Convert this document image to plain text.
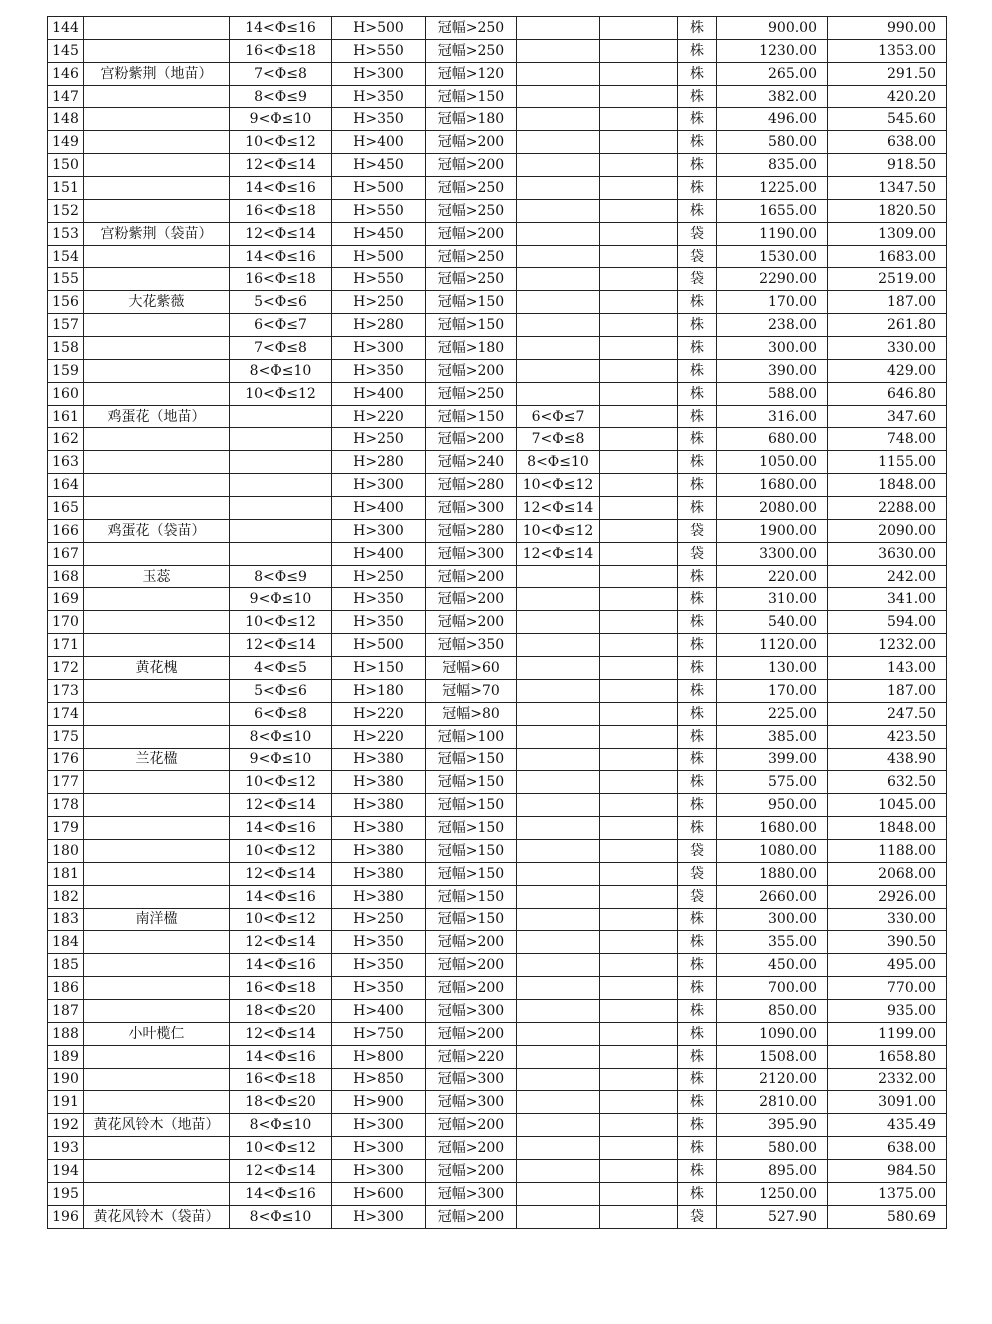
144		14<Φ≤16	H>500	冠幅>250			株	900.00	990.00
145		16<Φ≤18	H>550	冠幅>250			株	1230.00	1353.00
146	宫粉紫荆（地苗）	7<Φ≤8	H>300	冠幅>120			株	265.00	291.50
147		8<Φ≤9	H>350	冠幅>150			株	382.00	420.20
148		9<Φ≤10	H>350	冠幅>180			株	496.00	545.60
149		10<Φ≤12	H>400	冠幅>200			株	580.00	638.00
150		12<Φ≤14	H>450	冠幅>200			株	835.00	918.50
151		14<Φ≤16	H>500	冠幅>250			株	1225.00	1347.50
152		16<Φ≤18	H>550	冠幅>250			株	1655.00	1820.50
153	宫粉紫荆（袋苗）	12<Φ≤14	H>450	冠幅>200			袋	1190.00	1309.00
154		14<Φ≤16	H>500	冠幅>250			袋	1530.00	1683.00
155		16<Φ≤18	H>550	冠幅>250			袋	2290.00	2519.00
156	大花紫薇	5<Φ≤6	H>250	冠幅>150			株	170.00	187.00
157		6<Φ≤7	H>280	冠幅>150			株	238.00	261.80
158		7<Φ≤8	H>300	冠幅>180			株	300.00	330.00
159		8<Φ≤10	H>350	冠幅>200			株	390.00	429.00
160		10<Φ≤12	H>400	冠幅>250			株	588.00	646.80
161	鸡蛋花（地苗）		H>220	冠幅>150	6<Φ≤7		株	316.00	347.60
162			H>250	冠幅>200	7<Φ≤8		株	680.00	748.00
163			H>280	冠幅>240	8<Φ≤10		株	1050.00	1155.00
164			H>300	冠幅>280	10<Φ≤12		株	1680.00	1848.00
165			H>400	冠幅>300	12<Φ≤14		株	2080.00	2288.00
166	鸡蛋花（袋苗）		H>300	冠幅>280	10<Φ≤12		袋	1900.00	2090.00
167			H>400	冠幅>300	12<Φ≤14		袋	3300.00	3630.00
168	玉蕊	8<Φ≤9	H>250	冠幅>200			株	220.00	242.00
169		9<Φ≤10	H>350	冠幅>200			株	310.00	341.00
170		10<Φ≤12	H>350	冠幅>200			株	540.00	594.00
171		12<Φ≤14	H>500	冠幅>350			株	1120.00	1232.00
172	黄花槐	4<Φ≤5	H>150	冠幅>60			株	130.00	143.00
173		5<Φ≤6	H>180	冠幅>70			株	170.00	187.00
174		6<Φ≤8	H>220	冠幅>80			株	225.00	247.50
175		8<Φ≤10	H>220	冠幅>100			株	385.00	423.50
176	兰花楹	9<Φ≤10	H>380	冠幅>150			株	399.00	438.90
177		10<Φ≤12	H>380	冠幅>150			株	575.00	632.50
178		12<Φ≤14	H>380	冠幅>150			株	950.00	1045.00
179		14<Φ≤16	H>380	冠幅>150			株	1680.00	1848.00
180		10<Φ≤12	H>380	冠幅>150			袋	1080.00	1188.00
181		12<Φ≤14	H>380	冠幅>150			袋	1880.00	2068.00
182		14<Φ≤16	H>380	冠幅>150			袋	2660.00	2926.00
183	南洋楹	10<Φ≤12	H>250	冠幅>150			株	300.00	330.00
184		12<Φ≤14	H>350	冠幅>200			株	355.00	390.50
185		14<Φ≤16	H>350	冠幅>200			株	450.00	495.00
186		16<Φ≤18	H>350	冠幅>200			株	700.00	770.00
187		18<Φ≤20	H>400	冠幅>300			株	850.00	935.00
188	小叶榄仁	12<Φ≤14	H>750	冠幅>200			株	1090.00	1199.00
189		14<Φ≤16	H>800	冠幅>220			株	1508.00	1658.80
190		16<Φ≤18	H>850	冠幅>300			株	2120.00	2332.00
191		18<Φ≤20	H>900	冠幅>300			株	2810.00	3091.00
192	黄花风铃木（地苗）	8<Φ≤10	H>300	冠幅>200			株	395.90	435.49
193		10<Φ≤12	H>300	冠幅>200			株	580.00	638.00
194		12<Φ≤14	H>300	冠幅>200			株	895.00	984.50
195		14<Φ≤16	H>600	冠幅>300			株	1250.00	1375.00
196	黄花风铃木（袋苗）	8<Φ≤10	H>300	冠幅>200			袋	527.90	580.69
